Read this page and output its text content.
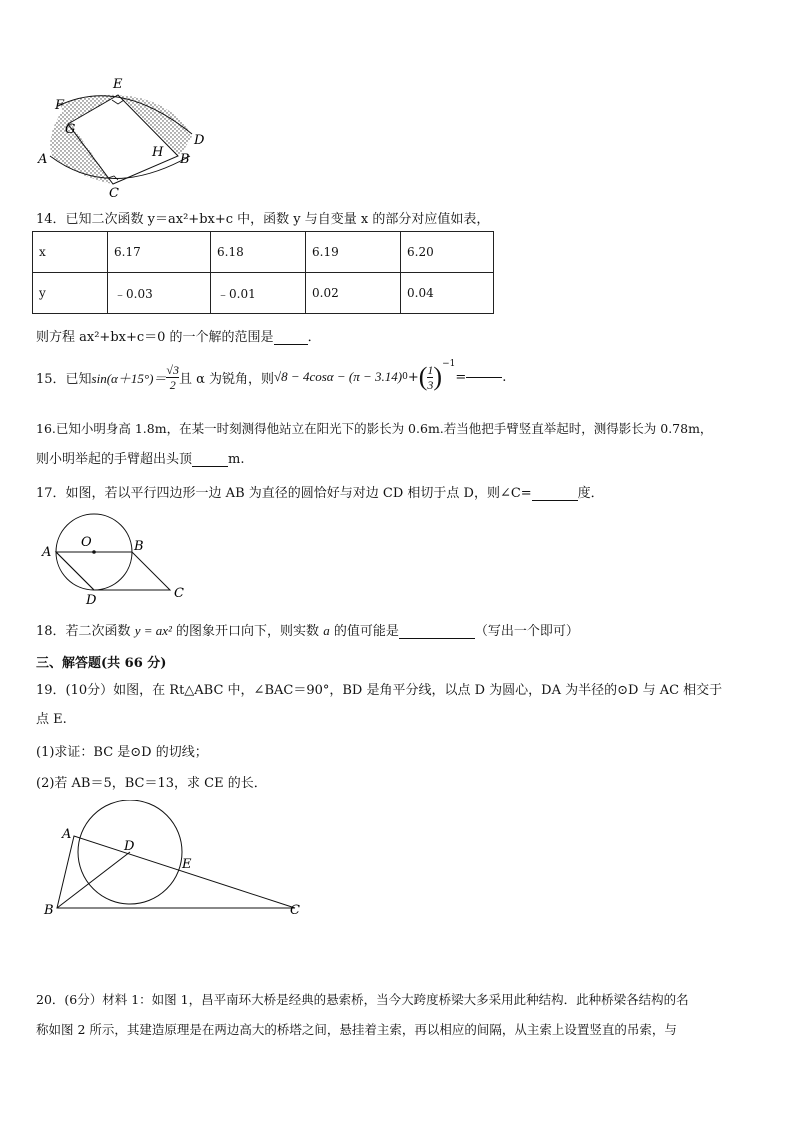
E
F
G
D
H B
A
C
14．已知二次函数 y＝ax²+bx+c 中，函数 y 与自变量 x 的部分对应值如表，
x	6.17	6.18	6.19	6.20
y	﹣0.03	﹣0.01	0.02	0.04
则方程 ax²+bx+c＝0 的一个解的范围是	．
15．已知 $\sin(\alpha+15^\circ)= \frac{√3}{2}$ 且 α 为锐角，则 √8 − 4cosα − (π − 3.14) 0 + ( $\frac{1}{3} )^{-1}$
=	.
16.已知小明身高 1.8m，在某一时刻测得他站立在阳光下的影长为 0.6m.若当他把手臂竖直举起时，测得影长为 0.78m，
则小明举起的手臂超出头顶	m.
17．如图，若以平行四边形一边 AB 为直径的圆恰好与对边 CD 相切于点 D，则∠C=	度．
A
O	B
D	C
18．若二次函数 y = ax² 的图象开口向下，则实数 a 的值可能是	（写出一个即可）
三、解答题(共 66 分)
19．(10分）如图，在 Rt△ABC 中，∠BAC＝90°，BD 是角平分线，以点 D 为圆心，DA 为半径的⊙D 与 AC 相交于
点 E.
(1)求证：BC 是⊙D 的切线；
(2)若 AB＝5，BC＝13，求 CE 的长．
A
D
E
B	C
20．(6分）材料 1：如图 1，昌平南环大桥是经典的悬索桥，当今大跨度桥梁大多采用此种结构．此种桥梁各结构的名
称如图 2 所示，其建造原理是在两边高大的桥塔之间，悬挂着主索，再以相应的间隔，从主索上设置竖直的吊索，与
